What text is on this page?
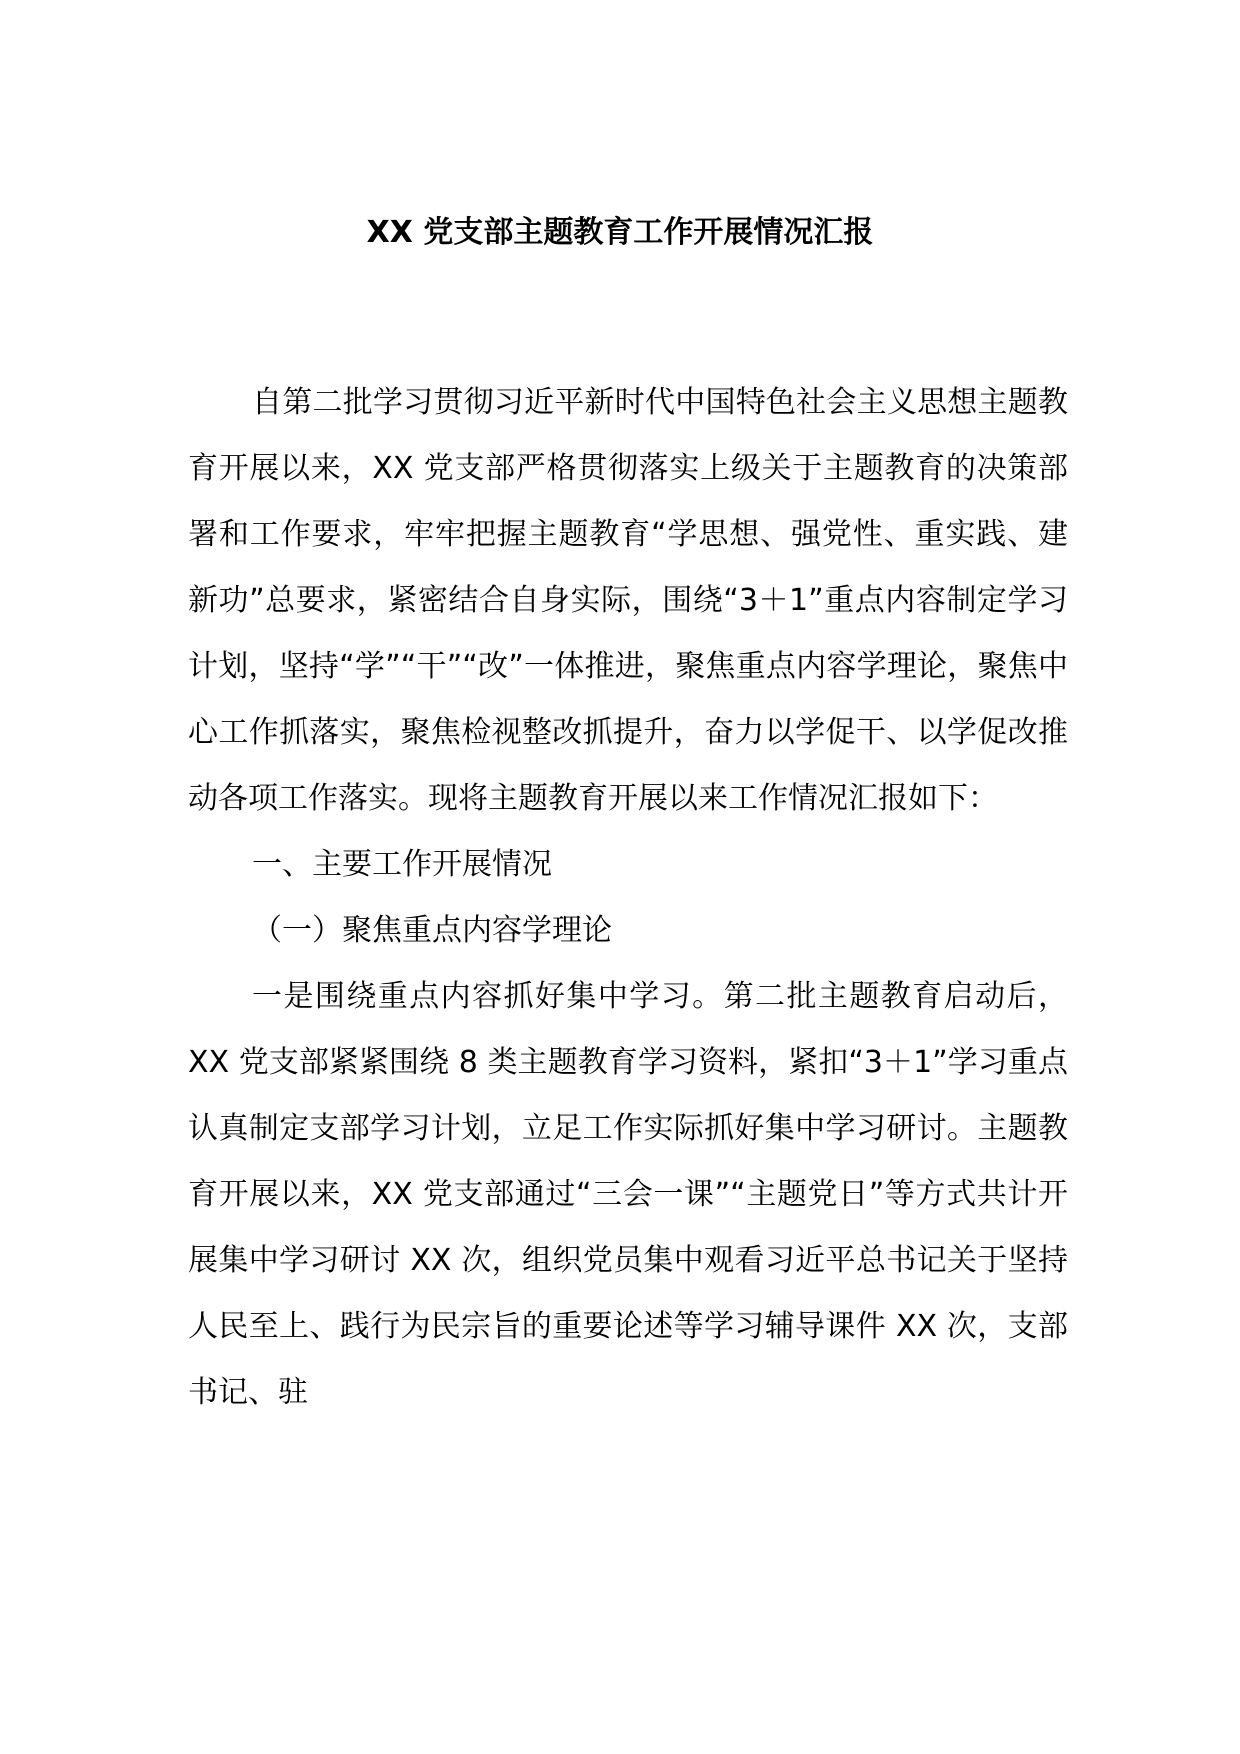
XX 党支部主题教育工作开展情况汇报

自第二批学习贯彻习近平新时代中国特色社会主义思想主题教育开展以来，XX 党支部严格贯彻落实上级关于主题教育的决策部署和工作要求，牢牢把握主题教育“学思想、强党性、重实践、建新功”总要求，紧密结合自身实际，围绕“3＋1”重点内容制定学习计划，坚持“学”“干”“改”一体推进，聚焦重点内容学理论，聚焦中心工作抓落实，聚焦检视整改抓提升，奋力以学促干、以学促改推动各项工作落实。现将主题教育开展以来工作情况汇报如下：

一、主要工作开展情况

（一）聚焦重点内容学理论

一是围绕重点内容抓好集中学习。第二批主题教育启动后，XX 党支部紧紧围绕 8 类主题教育学习资料，紧扣“3＋1”学习重点认真制定支部学习计划，立足工作实际抓好集中学习研讨。主题教育开展以来，XX 党支部通过“三会一课”“主题党日”等方式共计开展集中学习研讨 XX 次，组织党员集中观看习近平总书记关于坚持人民至上、践行为民宗旨的重要论述等学习辅导课件 XX 次，支部书记、驻
